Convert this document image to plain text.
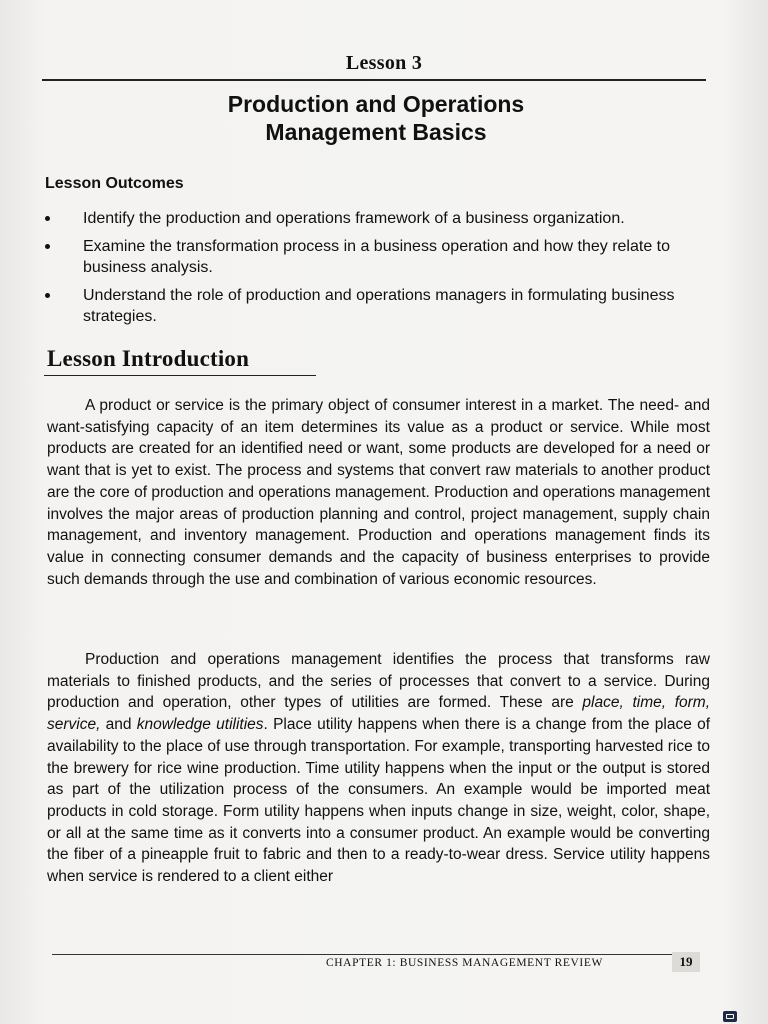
Lesson 3
Production and Operations
Management Basics
Lesson Outcomes
Identify the production and operations framework of a business organization.
Examine the transformation process in a business operation and how they relate to business analysis.
Understand the role of production and operations managers in formulating business strategies.
Lesson Introduction

A product or service is the primary object of consumer interest in a market. The need- and want-satisfying capacity of an item determines its value as a product or service. While most products are created for an identified need or want, some products are developed for a need or want that is yet to exist. The process and systems that convert raw materials to another product are the core of production and operations management. Production and operations management involves the major areas of production planning and control, project management, supply chain management, and inventory management. Production and operations management finds its value in connecting consumer demands and the capacity of business enterprises to provide such demands through the use and combination of various economic resources.

Production and operations management identifies the process that transforms raw materials to finished products, and the series of processes that convert to a service. During production and operation, other types of utilities are formed. These are place, time, form, service, and knowledge utilities. Place utility happens when there is a change from the place of availability to the place of use through transportation. For example, transporting harvested rice to the brewery for rice wine production. Time utility happens when the input or the output is stored as part of the utilization process of the consumers. An example would be imported meat products in cold storage. Form utility happens when inputs change in size, weight, color, shape, or all at the same time as it converts into a consumer product. An example would be converting the fiber of a pineapple fruit to fabric and then to a ready-to-wear dress. Service utility happens when service is rendered to a client either

CHAPTER 1: BUSINESS MANAGEMENT REVIEW	19
